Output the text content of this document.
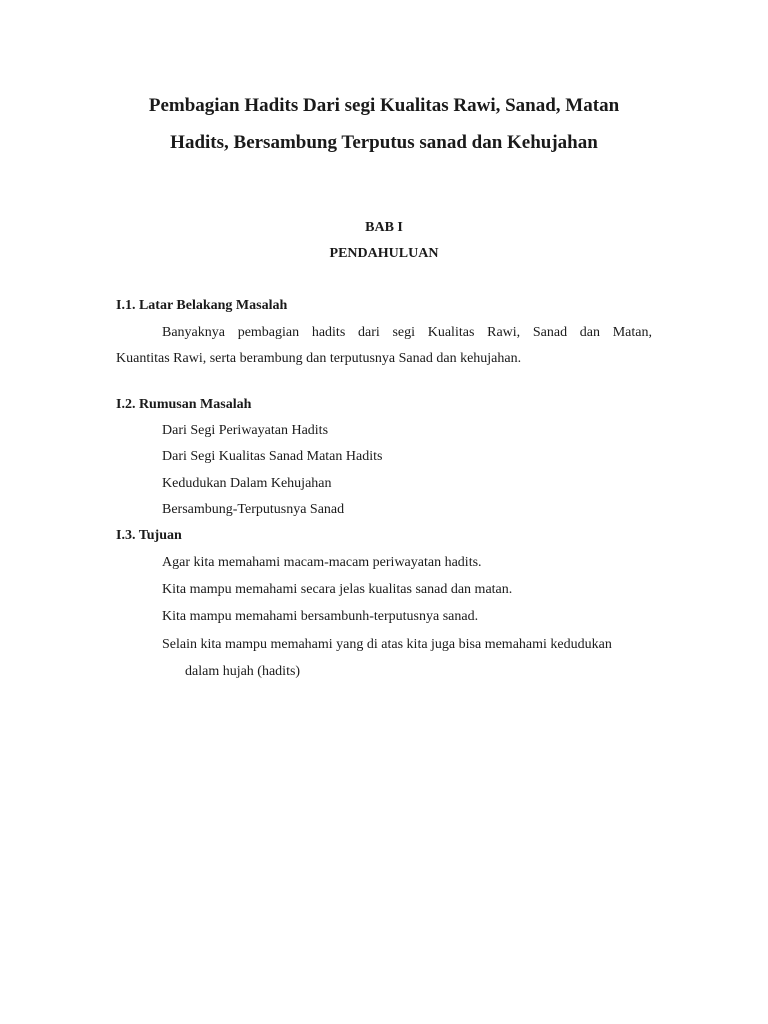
Pembagian Hadits Dari segi Kualitas Rawi, Sanad, Matan
Hadits, Bersambung Terputus sanad dan Kehujahan
BAB I
PENDAHULUAN
I.1. Latar Belakang Masalah
Banyaknya pembagian hadits dari segi Kualitas Rawi, Sanad dan Matan,
Kuantitas Rawi, serta berambung dan terputusnya Sanad dan kehujahan.
I.2. Rumusan Masalah
Dari Segi Periwayatan Hadits
Dari Segi Kualitas Sanad Matan Hadits
Kedudukan Dalam Kehujahan
Bersambung-Terputusnya Sanad
I.3. Tujuan
Agar kita memahami macam-macam periwayatan hadits.
Kita mampu memahami secara jelas kualitas sanad dan matan.
Kita mampu memahami bersambunh-terputusnya sanad.
Selain kita mampu memahami yang di atas kita juga bisa memahami kedudukan
dalam hujah (hadits)
